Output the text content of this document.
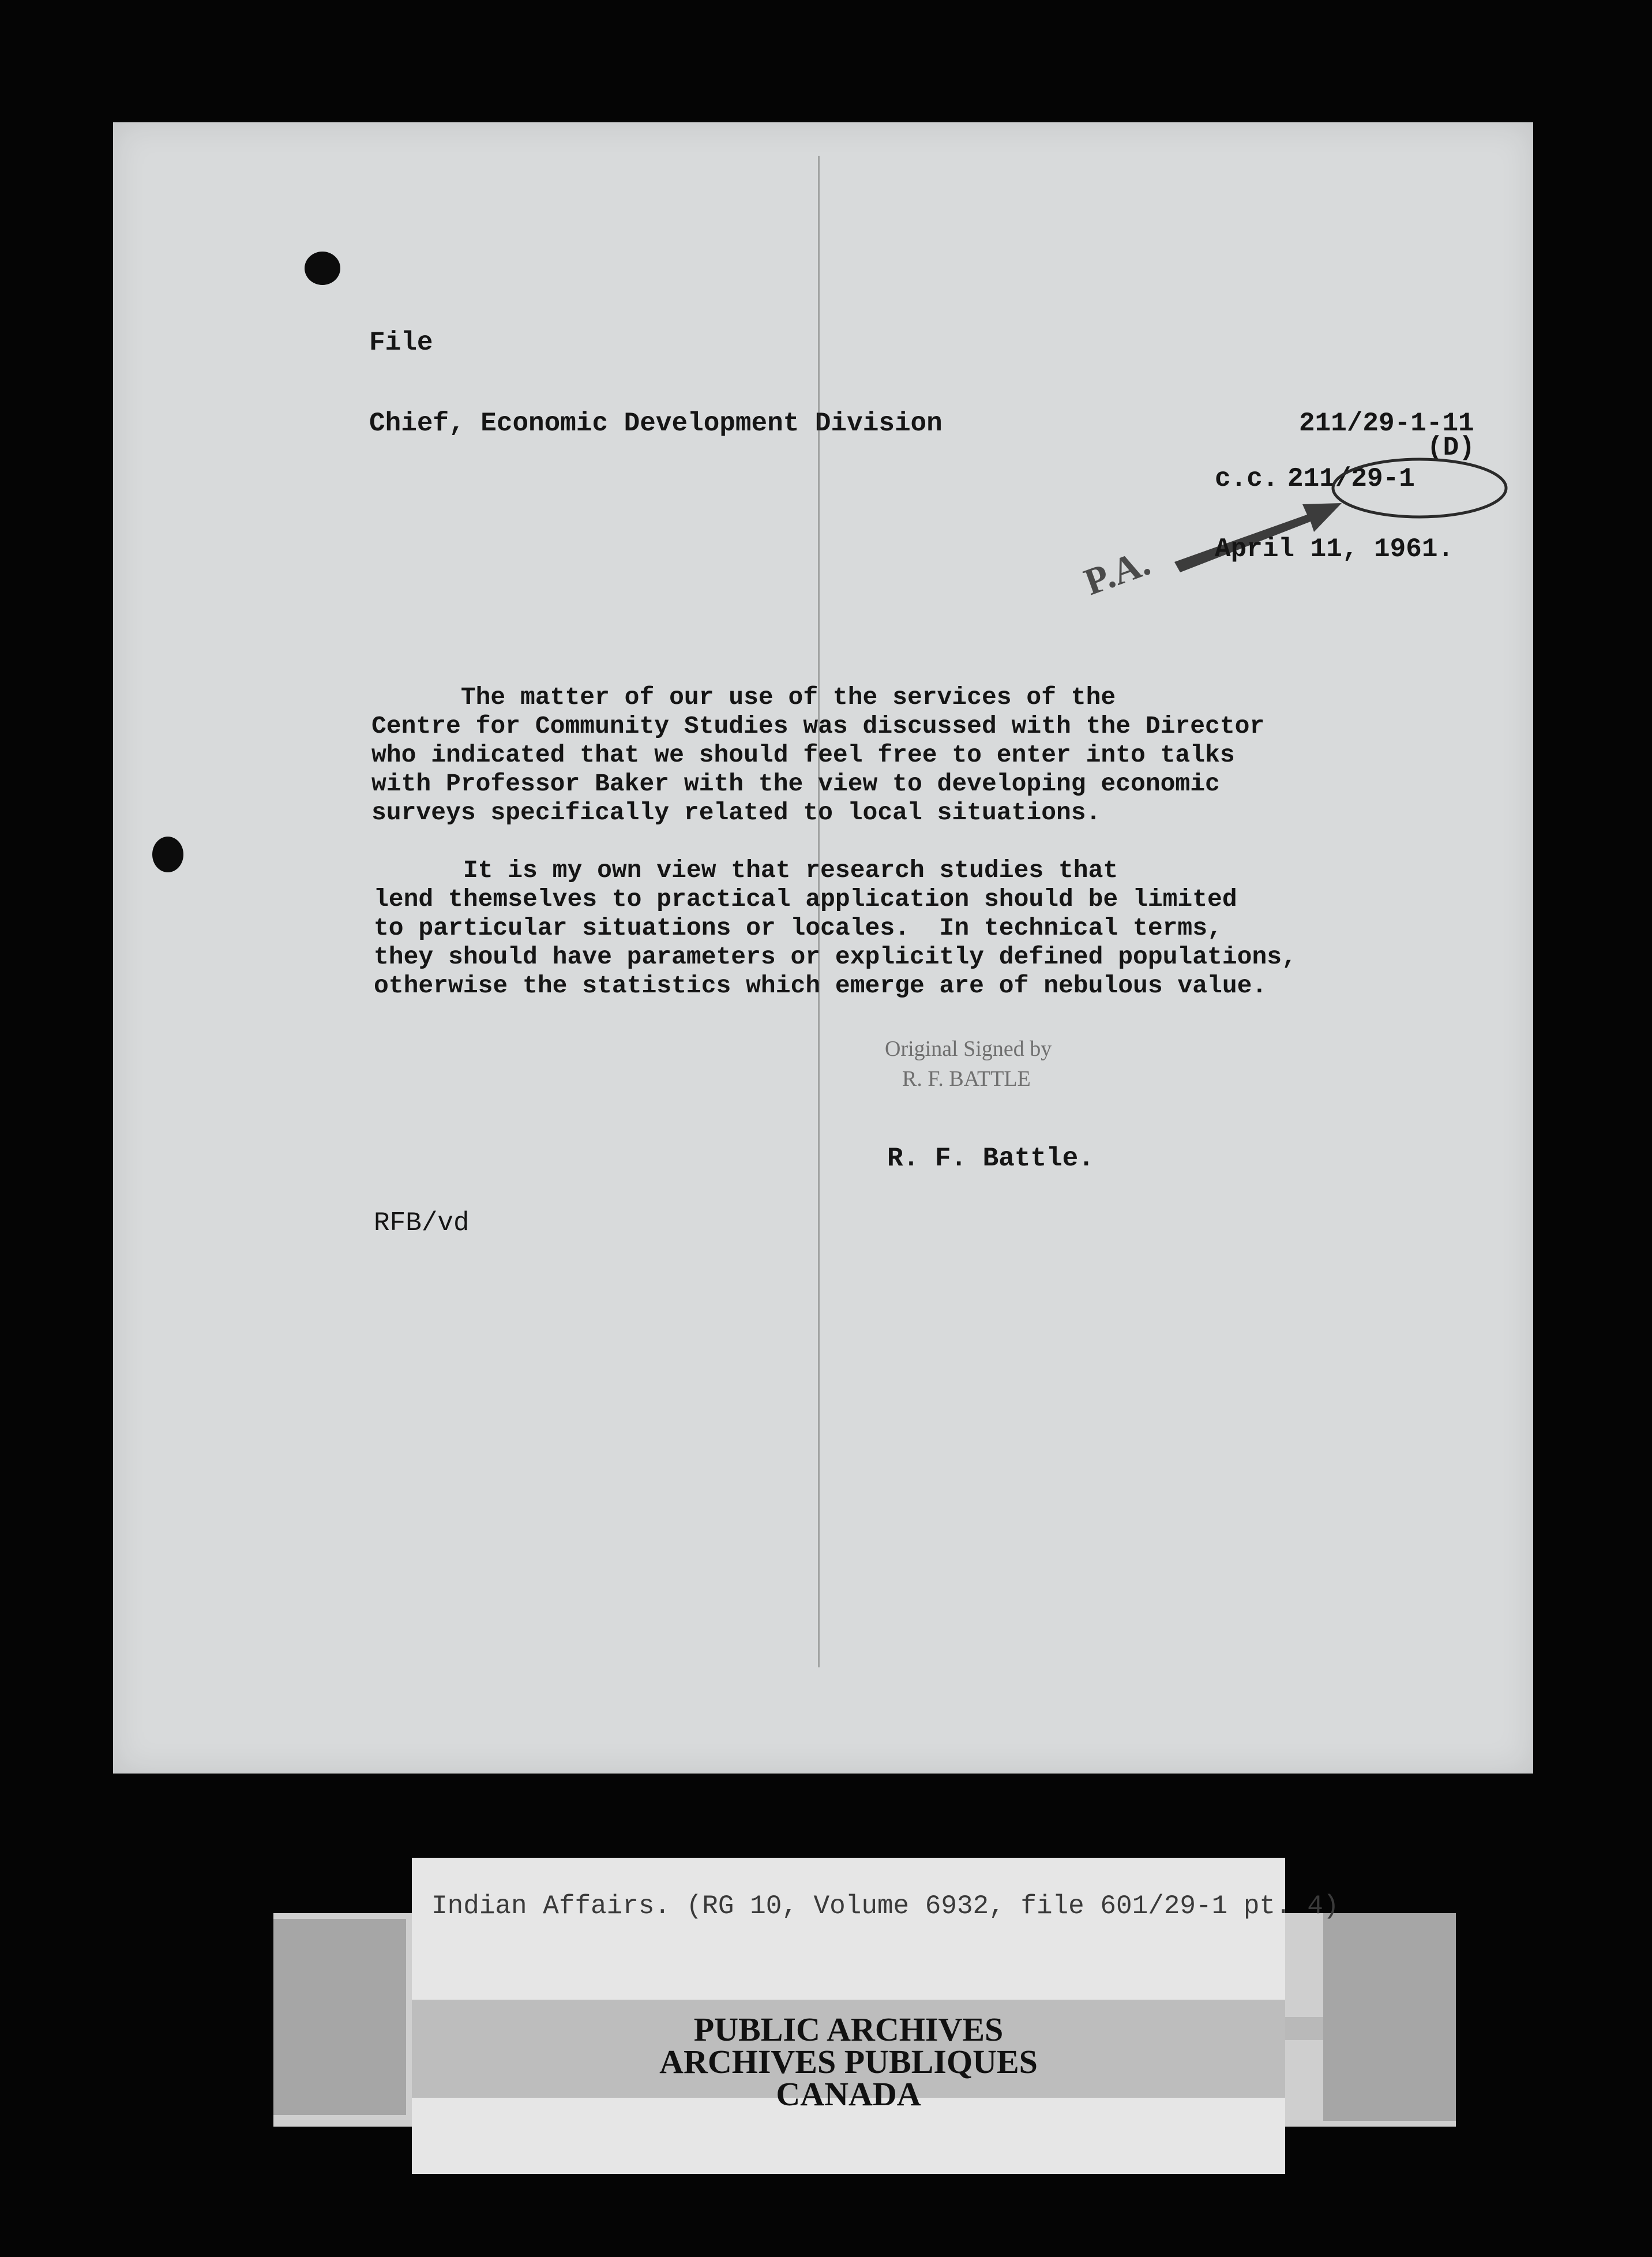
File

Chief, Economic Development Division	211/29-1-11

(D)

c.c. 211/29-1

P.A. April 11, 1961.

The matter of our use of the services of the

Centre for Community Studies was discussed with the Director

who indicated that we should feel free to enter into talks

with Professor Baker with the view to developing economic

surveys specifically related to local situations.

It is my own view that research studies that

lend themselves to practical application should be limited

to particular situations or locales.  In technical terms,

they should have parameters or explicitly defined populations,

otherwise the statistics which emerge are of nebulous value.

Original Signed by
R. F. BATTLE

R. F. Battle.

RFB/vd

Indian Affairs. (RG 10, Volume 6932, file 601/29-1 pt. 4)
PUBLIC ARCHIVES
ARCHIVES PUBLIQUES
CANADA
